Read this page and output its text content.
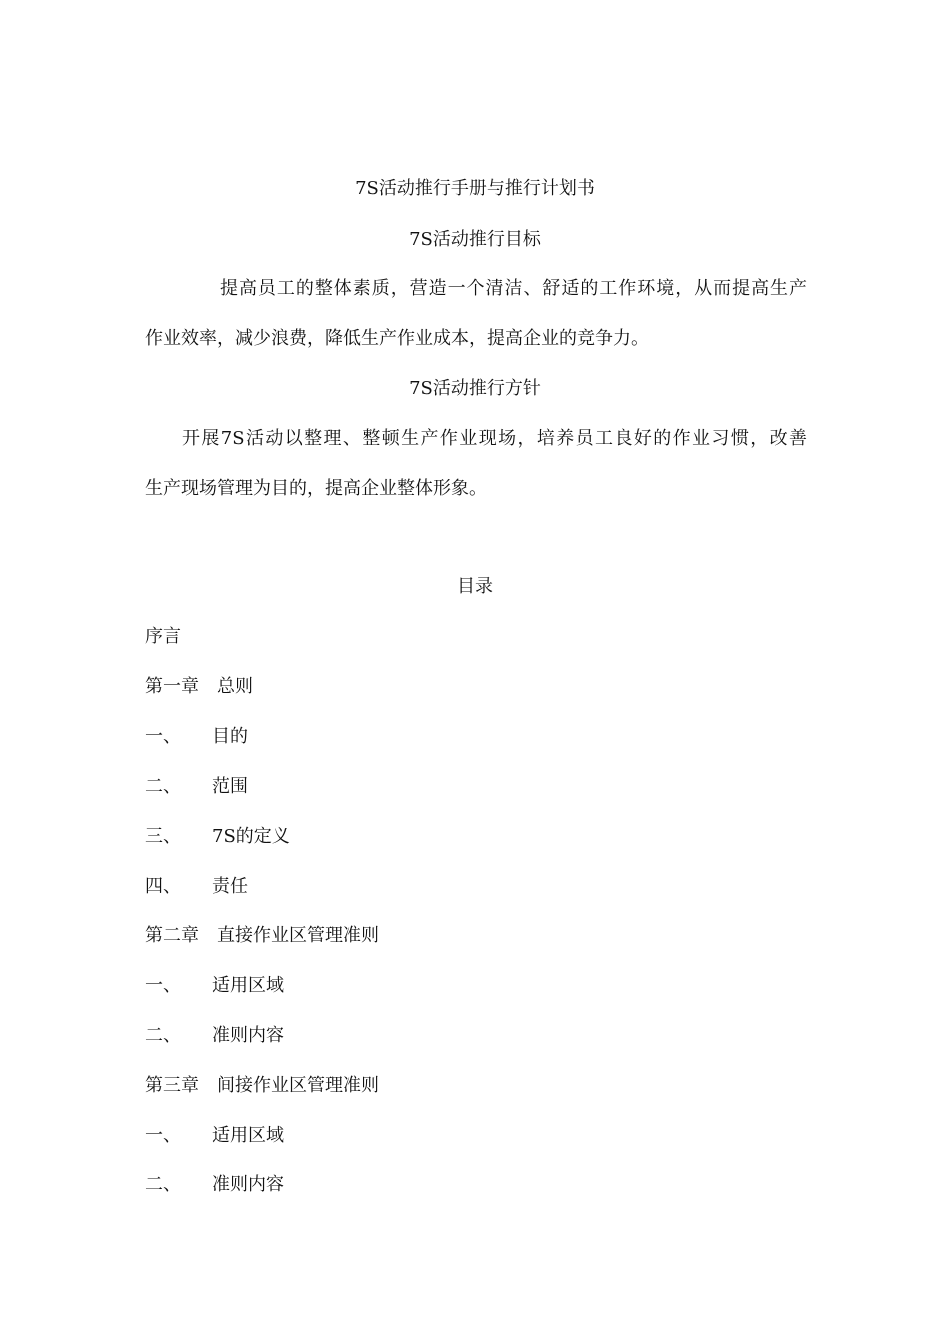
7S活动推行手册与推行计划书
7S活动推行目标
提高员工的整体素质，营造一个清洁、舒适的工作环境，从而提高生产
作业效率，减少浪费，降低生产作业成本，提高企业的竞争力。
7S活动推行方针
开展7S活动以整理、整顿生产作业现场，培养员工良好的作业习惯，改善
生产现场管理为目的，提高企业整体形象。
目录
序言
第一章　总则
一、 目的
二、 范围
三、 7S的定义
四、 责任
第二章　直接作业区管理准则
一、 适用区域
二、 准则内容
第三章　间接作业区管理准则
一、 适用区域
二、 准则内容
